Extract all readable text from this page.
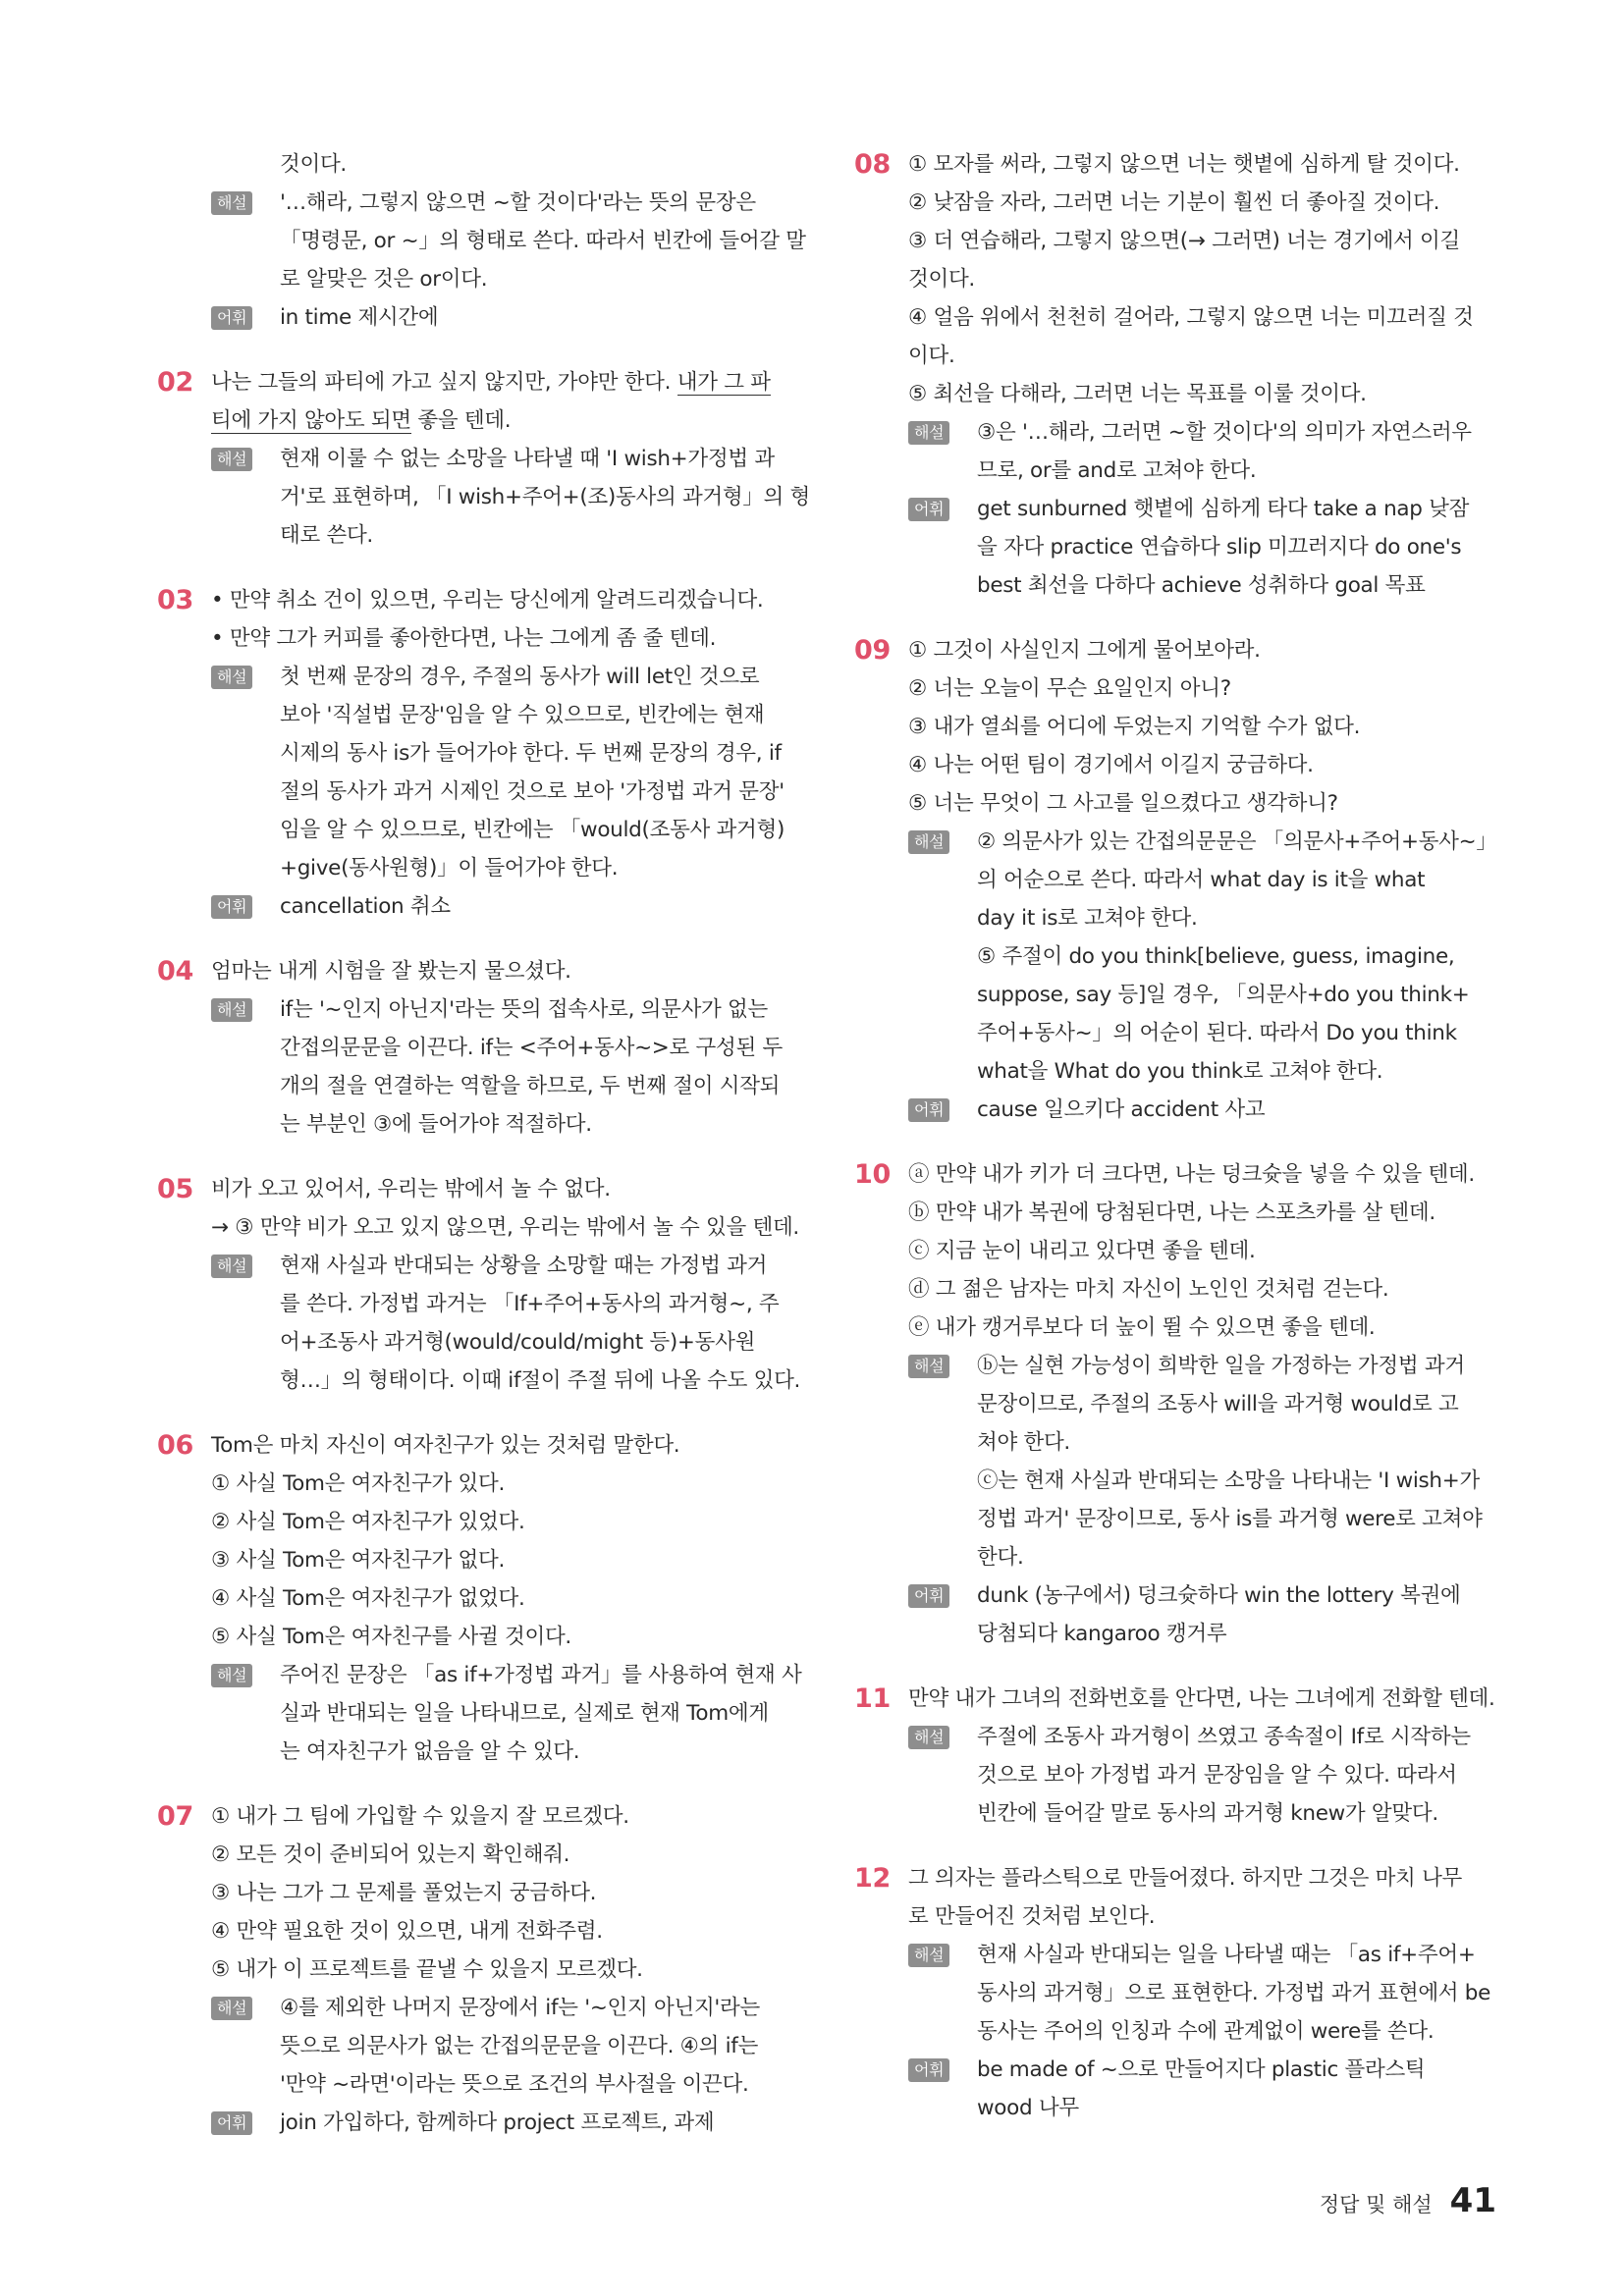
것이다.
해설 '…해라, 그렇지 않으면 ~할 것이다'라는 뜻의 문장은
「명령문, or ~」의 형태로 쓴다. 따라서 빈칸에 들어갈 말
로 알맞은 것은 or이다.
어휘 in time 제시간에
02 나는 그들의 파티에 가고 싶지 않지만, 가야만 한다. 내가 그 파
티에 가지 않아도 되면 좋을 텐데.
해설 현재 이룰 수 없는 소망을 나타낼 때 'I wish+가정법 과
거'로 표현하며, 「I wish+주어+(조)동사의 과거형」의 형
태로 쓴다.
03 • 만약 취소 건이 있으면, 우리는 당신에게 알려드리겠습니다.
• 만약 그가 커피를 좋아한다면, 나는 그에게 좀 줄 텐데.
해설 첫 번째 문장의 경우, 주절의 동사가 will let인 것으로
보아 '직설법 문장'임을 알 수 있으므로, 빈칸에는 현재
시제의 동사 is가 들어가야 한다. 두 번째 문장의 경우, if
절의 동사가 과거 시제인 것으로 보아 '가정법 과거 문장'
임을 알 수 있으므로, 빈칸에는 「would(조동사 과거형)
+give(동사원형)」이 들어가야 한다.
어휘 cancellation 취소
04 엄마는 내게 시험을 잘 봤는지 물으셨다.
해설 if는 '~인지 아닌지'라는 뜻의 접속사로, 의문사가 없는
간접의문문을 이끈다. if는 <주어+동사~>로 구성된 두
개의 절을 연결하는 역할을 하므로, 두 번째 절이 시작되
는 부분인 ③에 들어가야 적절하다.
05 비가 오고 있어서, 우리는 밖에서 놀 수 없다.
→ ③ 만약 비가 오고 있지 않으면, 우리는 밖에서 놀 수 있을 텐데.
해설 현재 사실과 반대되는 상황을 소망할 때는 가정법 과거
를 쓴다. 가정법 과거는 「If+주어+동사의 과거형~, 주
어+조동사 과거형(would/could/might 등)+동사원
형…」의 형태이다. 이때 if절이 주절 뒤에 나올 수도 있다.
06 Tom은 마치 자신이 여자친구가 있는 것처럼 말한다.
① 사실 Tom은 여자친구가 있다.
② 사실 Tom은 여자친구가 있었다.
③ 사실 Tom은 여자친구가 없다.
④ 사실 Tom은 여자친구가 없었다.
⑤ 사실 Tom은 여자친구를 사귈 것이다.
해설 주어진 문장은 「as if+가정법 과거」를 사용하여 현재 사
실과 반대되는 일을 나타내므로, 실제로 현재 Tom에게
는 여자친구가 없음을 알 수 있다.
07 ① 내가 그 팀에 가입할 수 있을지 잘 모르겠다.
② 모든 것이 준비되어 있는지 확인해줘.
③ 나는 그가 그 문제를 풀었는지 궁금하다.
④ 만약 필요한 것이 있으면, 내게 전화주렴.
⑤ 내가 이 프로젝트를 끝낼 수 있을지 모르겠다.
해설 ④를 제외한 나머지 문장에서 if는 '~인지 아닌지'라는
뜻으로 의문사가 없는 간접의문문을 이끈다. ④의 if는
'만약 ~라면'이라는 뜻으로 조건의 부사절을 이끈다.
어휘 join 가입하다, 함께하다 project 프로젝트, 과제
08 ① 모자를 써라, 그렇지 않으면 너는 햇볕에 심하게 탈 것이다.
② 낮잠을 자라, 그러면 너는 기분이 훨씬 더 좋아질 것이다.
③ 더 연습해라, 그렇지 않으면(→ 그러면) 너는 경기에서 이길
것이다.
④ 얼음 위에서 천천히 걸어라, 그렇지 않으면 너는 미끄러질 것
이다.
⑤ 최선을 다해라, 그러면 너는 목표를 이룰 것이다.
해설 ③은 '…해라, 그러면 ~할 것이다'의 의미가 자연스러우
므로, or를 and로 고쳐야 한다.
어휘 get sunburned 햇볕에 심하게 타다 take a nap 낮잠
을 자다 practice 연습하다 slip 미끄러지다 do one's
best 최선을 다하다 achieve 성취하다 goal 목표
09 ① 그것이 사실인지 그에게 물어보아라.
② 너는 오늘이 무슨 요일인지 아니?
③ 내가 열쇠를 어디에 두었는지 기억할 수가 없다.
④ 나는 어떤 팀이 경기에서 이길지 궁금하다.
⑤ 너는 무엇이 그 사고를 일으켰다고 생각하니?
해설 ② 의문사가 있는 간접의문문은 「의문사+주어+동사~」
의 어순으로 쓴다. 따라서 what day is it을 what
day it is로 고쳐야 한다.
⑤ 주절이 do you think[believe, guess, imagine,
suppose, say 등]일 경우, 「의문사+do you think+
주어+동사~」의 어순이 된다. 따라서 Do you think
what을 What do you think로 고쳐야 한다.
어휘 cause 일으키다 accident 사고
10 ⓐ 만약 내가 키가 더 크다면, 나는 덩크슛을 넣을 수 있을 텐데.
ⓑ 만약 내가 복권에 당첨된다면, 나는 스포츠카를 살 텐데.
ⓒ 지금 눈이 내리고 있다면 좋을 텐데.
ⓓ 그 젊은 남자는 마치 자신이 노인인 것처럼 걷는다.
ⓔ 내가 캥거루보다 더 높이 뛸 수 있으면 좋을 텐데.
해설 ⓑ는 실현 가능성이 희박한 일을 가정하는 가정법 과거
문장이므로, 주절의 조동사 will을 과거형 would로 고
쳐야 한다.
ⓒ는 현재 사실과 반대되는 소망을 나타내는 'I wish+가
정법 과거' 문장이므로, 동사 is를 과거형 were로 고쳐야
한다.
어휘 dunk (농구에서) 덩크슛하다 win the lottery 복권에
당첨되다 kangaroo 캥거루
11 만약 내가 그녀의 전화번호를 안다면, 나는 그녀에게 전화할 텐데.
해설 주절에 조동사 과거형이 쓰였고 종속절이 If로 시작하는
것으로 보아 가정법 과거 문장임을 알 수 있다. 따라서
빈칸에 들어갈 말로 동사의 과거형 knew가 알맞다.
12 그 의자는 플라스틱으로 만들어졌다. 하지만 그것은 마치 나무
로 만들어진 것처럼 보인다.
해설 현재 사실과 반대되는 일을 나타낼 때는 「as if+주어+
동사의 과거형」으로 표현한다. 가정법 과거 표현에서 be
동사는 주어의 인칭과 수에 관계없이 were를 쓴다.
어휘 be made of ~으로 만들어지다 plastic 플라스틱
wood 나무
정답 및 해설 41
